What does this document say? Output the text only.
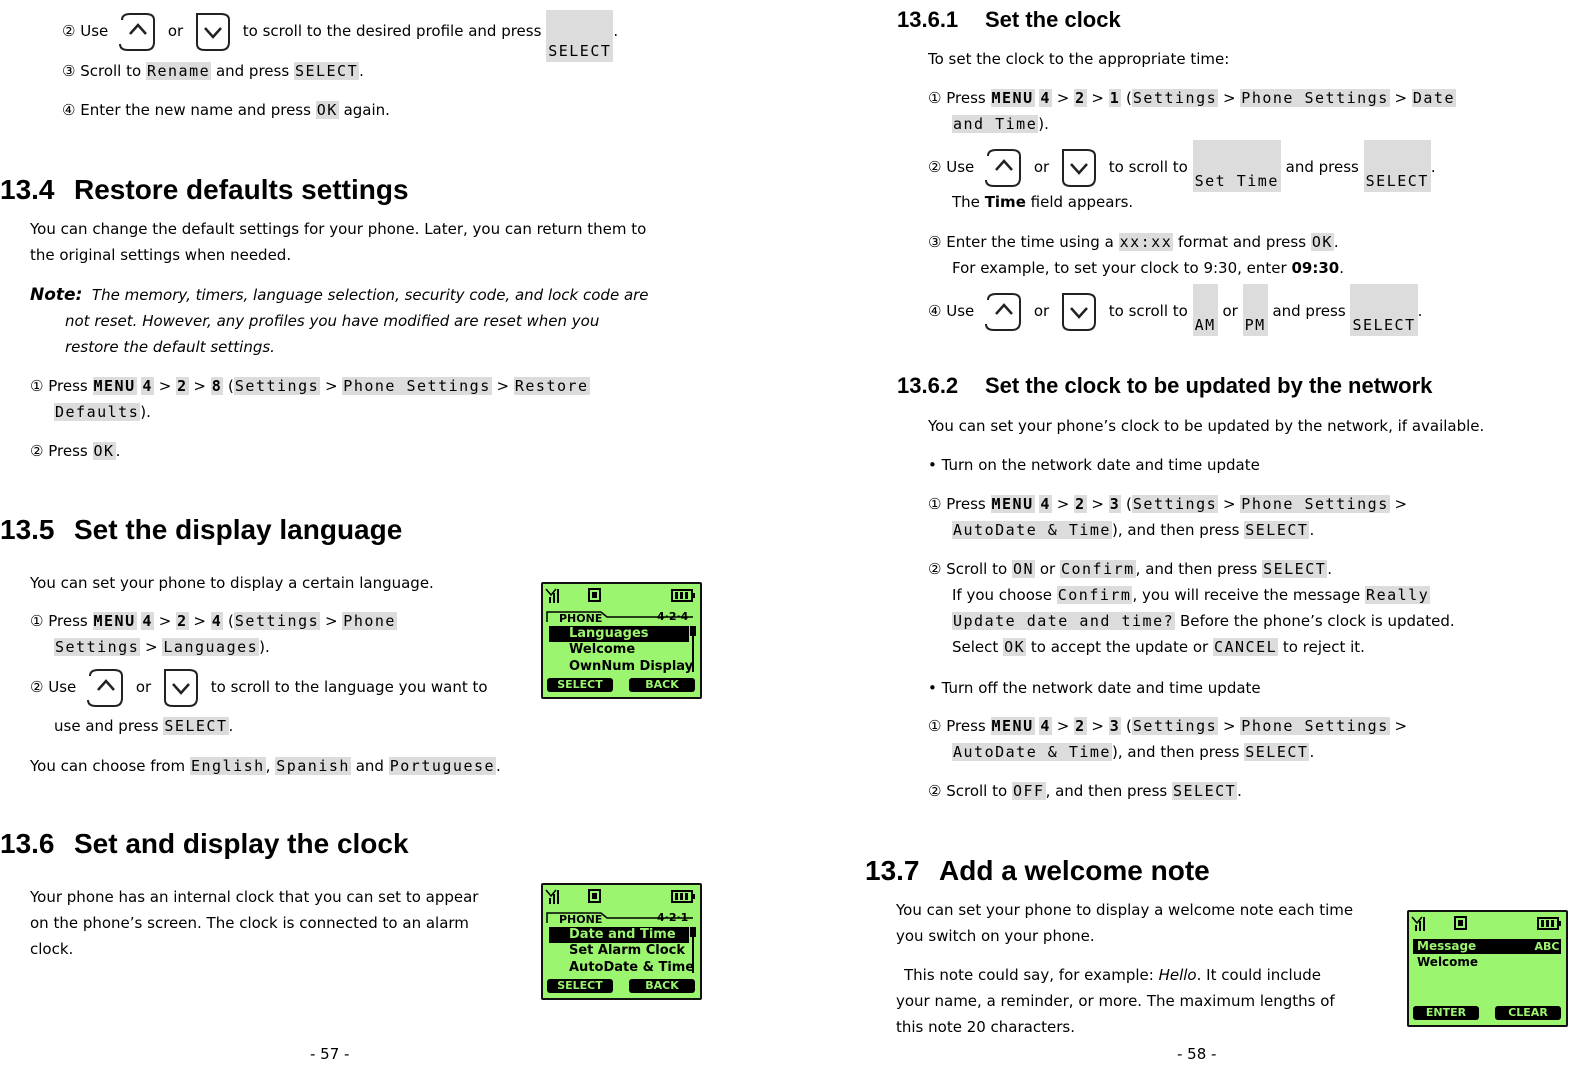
② Use	or	to scroll to the desired profile and press SELECT.
③ Scroll to Rename and press SELECT.
④ Enter the new name and press OK again.
13.4 Restore defaults settings
You can change the default settings for your phone. Later, you can return them to
the original settings when needed.
Note: The memory, timers, language selection, security code, and lock code are
not reset. However, any profiles you have modified are reset when you
restore the default settings.
① Press MENU 4 > 2 > 8 (Settings > Phone Settings > Restore
Defaults).
② Press OK.
13.5 Set the display language
You can set your phone to display a certain language.
① Press MENU 4 > 2 > 4 (Settings > Phone
Settings > Languages).
② Use	or	to scroll to the language you want to
use and press SELECT.
You can choose from English, Spanish and Portuguese.
PHONE	4·2·4
Languages
Welcome
OwnNum Display
SELECT	BACK
13.6 Set and display the clock
Your phone has an internal clock that you can set to appear
on the phone’s screen. The clock is connected to an alarm
clock.
PHONE	4·2·1
Date and Time
Set Alarm Clock
AutoDate & Time
SELECT	BACK
- 57 -
13.6.1 Set the clock
To set the clock to the appropriate time:
① Press MENU 4 > 2 > 1 (Settings > Phone Settings > Date
and Time).
② Use	or	to scroll to Set Time and press SELECT.
The Time field appears.
③ Enter the time using a xx:xx format and press OK.
For example, to set your clock to 9:30, enter 09:30.
④ Use	or	to scroll to AM or PM and press SELECT.
13.6.2 Set the clock to be updated by the network
You can set your phone’s clock to be updated by the network, if available.
• Turn on the network date and time update
① Press MENU 4 > 2 > 3 (Settings > Phone Settings >
AutoDate & Time), and then press SELECT.
② Scroll to ON or Confirm, and then press SELECT.
If you choose Confirm, you will receive the message Really
Update date and time? Before the phone’s clock is updated.
Select OK to accept the update or CANCEL to reject it.
• Turn off the network date and time update
① Press MENU 4 > 2 > 3 (Settings > Phone Settings >
AutoDate & Time), and then press SELECT.
② Scroll to OFF, and then press SELECT.
13.7 Add a welcome note
You can set your phone to display a welcome note each time
you switch on your phone.
This note could say, for example: Hello. It could include
your name, a reminder, or more. The maximum lengths of
this note 20 characters.
Message	ABC
Welcome
ENTER	CLEAR
- 58 -
